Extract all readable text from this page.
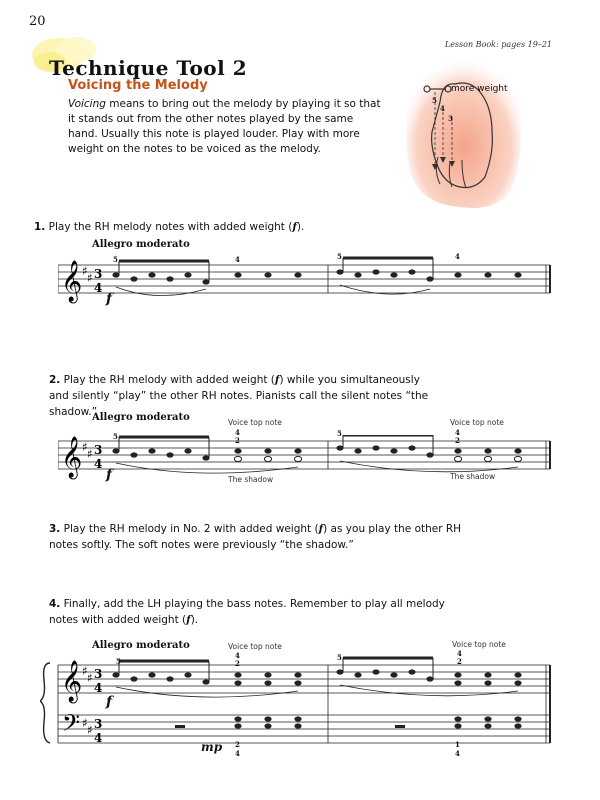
20
Lesson Book: pages 19–21
Technique Tool 2
Voicing the Melody
Voicing means to bring out the melody by playing it so that it stands out from the other notes played by the same hand. Usually this note is played louder. Play with more weight on the notes to be voiced as the melody.
more weight
5
4
3
1. Play the RH melody notes with added weight (f).
Allegro moderato
𝄞 ♯ ♯ 3
4
5	4	5	4
f
2. Play the RH melody with added weight (f) while you simultaneously and silently “play” the other RH notes. Pianists call the silent notes “the shadow.”
Allegro moderato	Voice top note	Voice top note
𝄞 ♯ ♯ 3
4
5	4
2
5	4
2
f	The shadow	The shadow
3. Play the RH melody in No. 2 with added weight (f) as you play the other RH notes softly. The soft notes were previously “the shadow.”
4. Finally, add the LH playing the bass notes. Remember to play all melody notes with added weight (f).
Allegro moderato	Voice top note	Voice top note
𝄞
𝄢
♯ ♯
♯ ♯
3
4
3
4
5
4
2
5	4
2
f
mp 2
4
1
4
